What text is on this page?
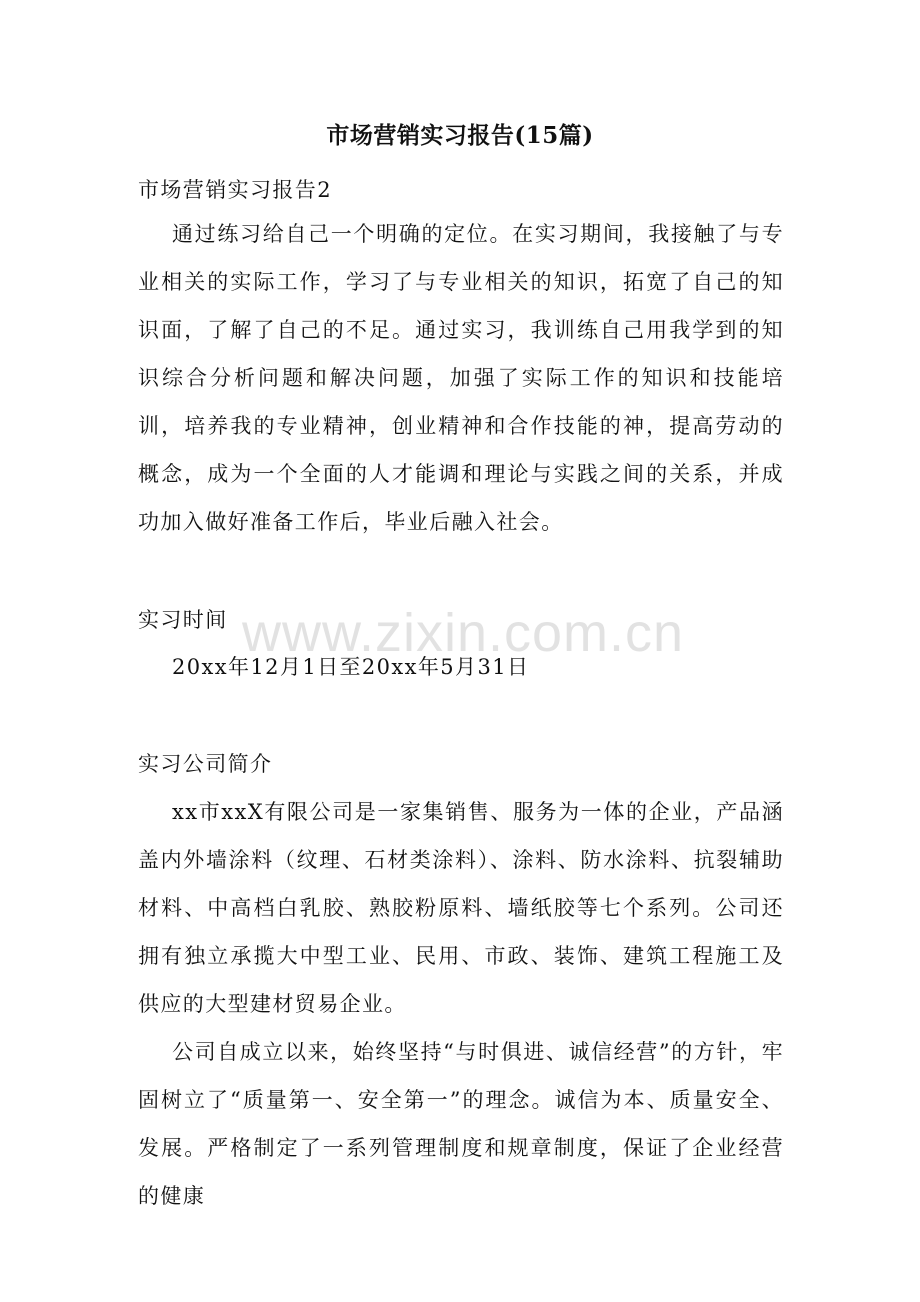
市场营销实习报告(15篇)

市场营销实习报告2

通过练习给自己一个明确的定位。在实习期间，我接触了与专业相关的实际工作，学习了与专业相关的知识，拓宽了自己的知识面，了解了自己的不足。通过实习，我训练自己用我学到的知识综合分析问题和解决问题，加强了实际工作的知识和技能培训，培养我的专业精神，创业精神和合作技能的神，提高劳动的概念，成为一个全面的人才能调和理论与实践之间的关系，并成功加入做好准备工作后，毕业后融入社会。

实习时间

20xx年12月1日至20xx年5月31日

实习公司简介

xx市xxX有限公司是一家集销售、服务为一体的企业，产品涵盖内外墙涂料（纹理、石材类涂料）、涂料、防水涂料、抗裂辅助材料、中高档白乳胶、熟胶粉原料、墙纸胶等七个系列。公司还拥有独立承揽大中型工业、民用、市政、装饰、建筑工程施工及供应的大型建材贸易企业。

公司自成立以来，始终坚持“与时俱进、诚信经营”的方针，牢固树立了“质量第一、安全第一”的理念。诚信为本、质量安全、发展。严格制定了一系列管理制度和规章制度，保证了企业经营的健康

www.zixin.com.cn
